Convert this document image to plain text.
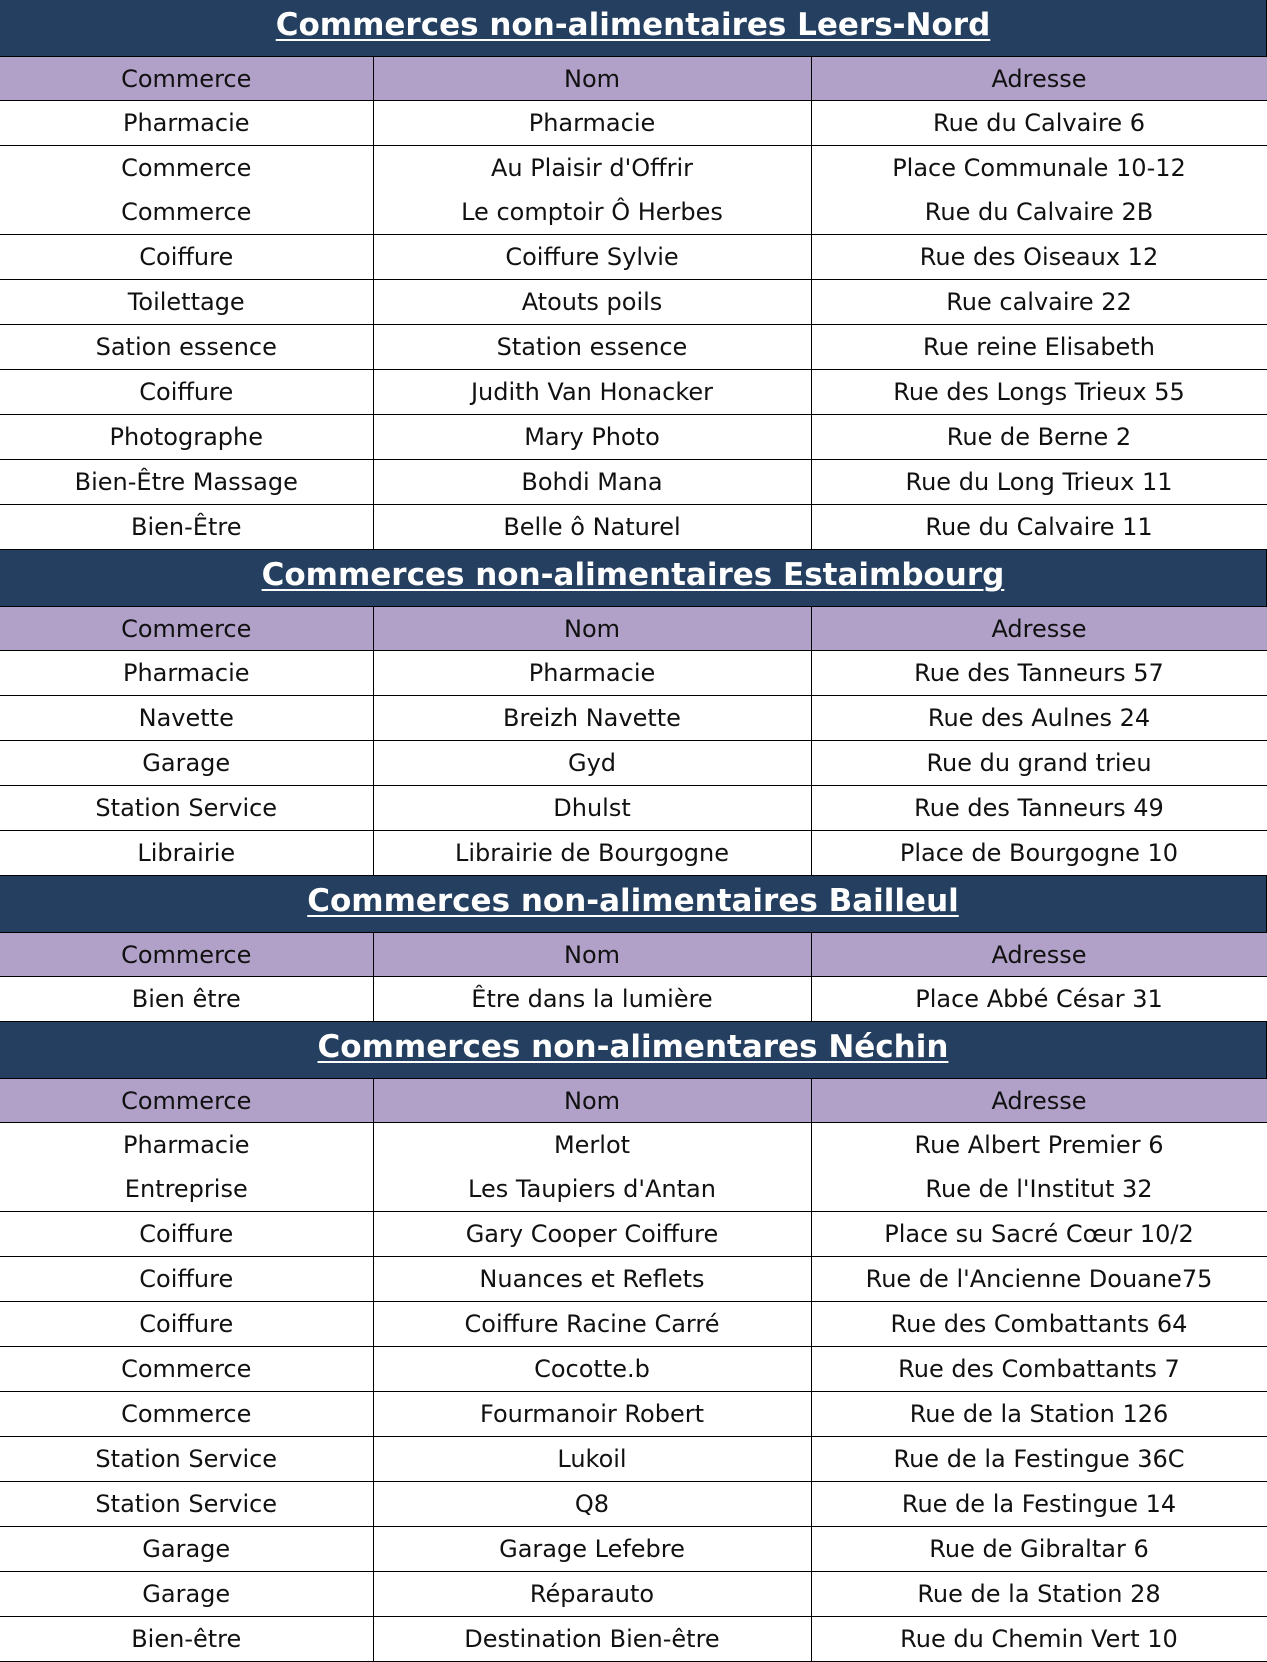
Commerces non-alimentaires Leers-Nord
Commerce	Nom	Adresse
Pharmacie	Pharmacie	Rue du Calvaire 6
Commerce	Au Plaisir d'Offrir	Place Communale 10-12
Commerce	Le comptoir Ô Herbes	Rue du Calvaire 2B
Coiffure	Coiffure Sylvie	Rue des Oiseaux 12
Toilettage	Atouts poils	Rue calvaire 22
Sation essence	Station essence	Rue reine Elisabeth
Coiffure	Judith Van Honacker	Rue des Longs Trieux 55
Photographe	Mary Photo	Rue de Berne 2
Bien-Être Massage	Bohdi Mana	Rue du Long Trieux 11
Bien-Être	Belle ô Naturel	Rue du Calvaire 11
Commerces non-alimentaires Estaimbourg
Commerce	Nom	Adresse
Pharmacie	Pharmacie	Rue des Tanneurs 57
Navette	Breizh Navette	Rue des Aulnes 24
Garage	Gyd	Rue du grand trieu
Station Service	Dhulst	Rue des Tanneurs 49
Librairie	Librairie de Bourgogne	Place de Bourgogne 10
Commerces non-alimentaires Bailleul
Commerce	Nom	Adresse
Bien être	Être dans la lumière	Place Abbé César 31
Commerces non-alimentares Néchin
Commerce	Nom	Adresse
Pharmacie	Merlot	Rue Albert Premier 6
Entreprise	Les Taupiers d'Antan	Rue de l'Institut 32
Coiffure	Gary Cooper Coiffure	Place su Sacré Cœur 10/2
Coiffure	Nuances et Reflets	Rue de l'Ancienne Douane75
Coiffure	Coiffure Racine Carré	Rue des Combattants 64
Commerce	Cocotte.b	Rue des Combattants 7
Commerce	Fourmanoir Robert	Rue de la Station 126
Station Service	Lukoil	Rue de la Festingue 36C
Station Service	Q8	Rue de la Festingue 14
Garage	Garage Lefebre	Rue de Gibraltar 6
Garage	Réparauto	Rue de la Station 28
Bien-être	Destination Bien-être	Rue du Chemin Vert 10
